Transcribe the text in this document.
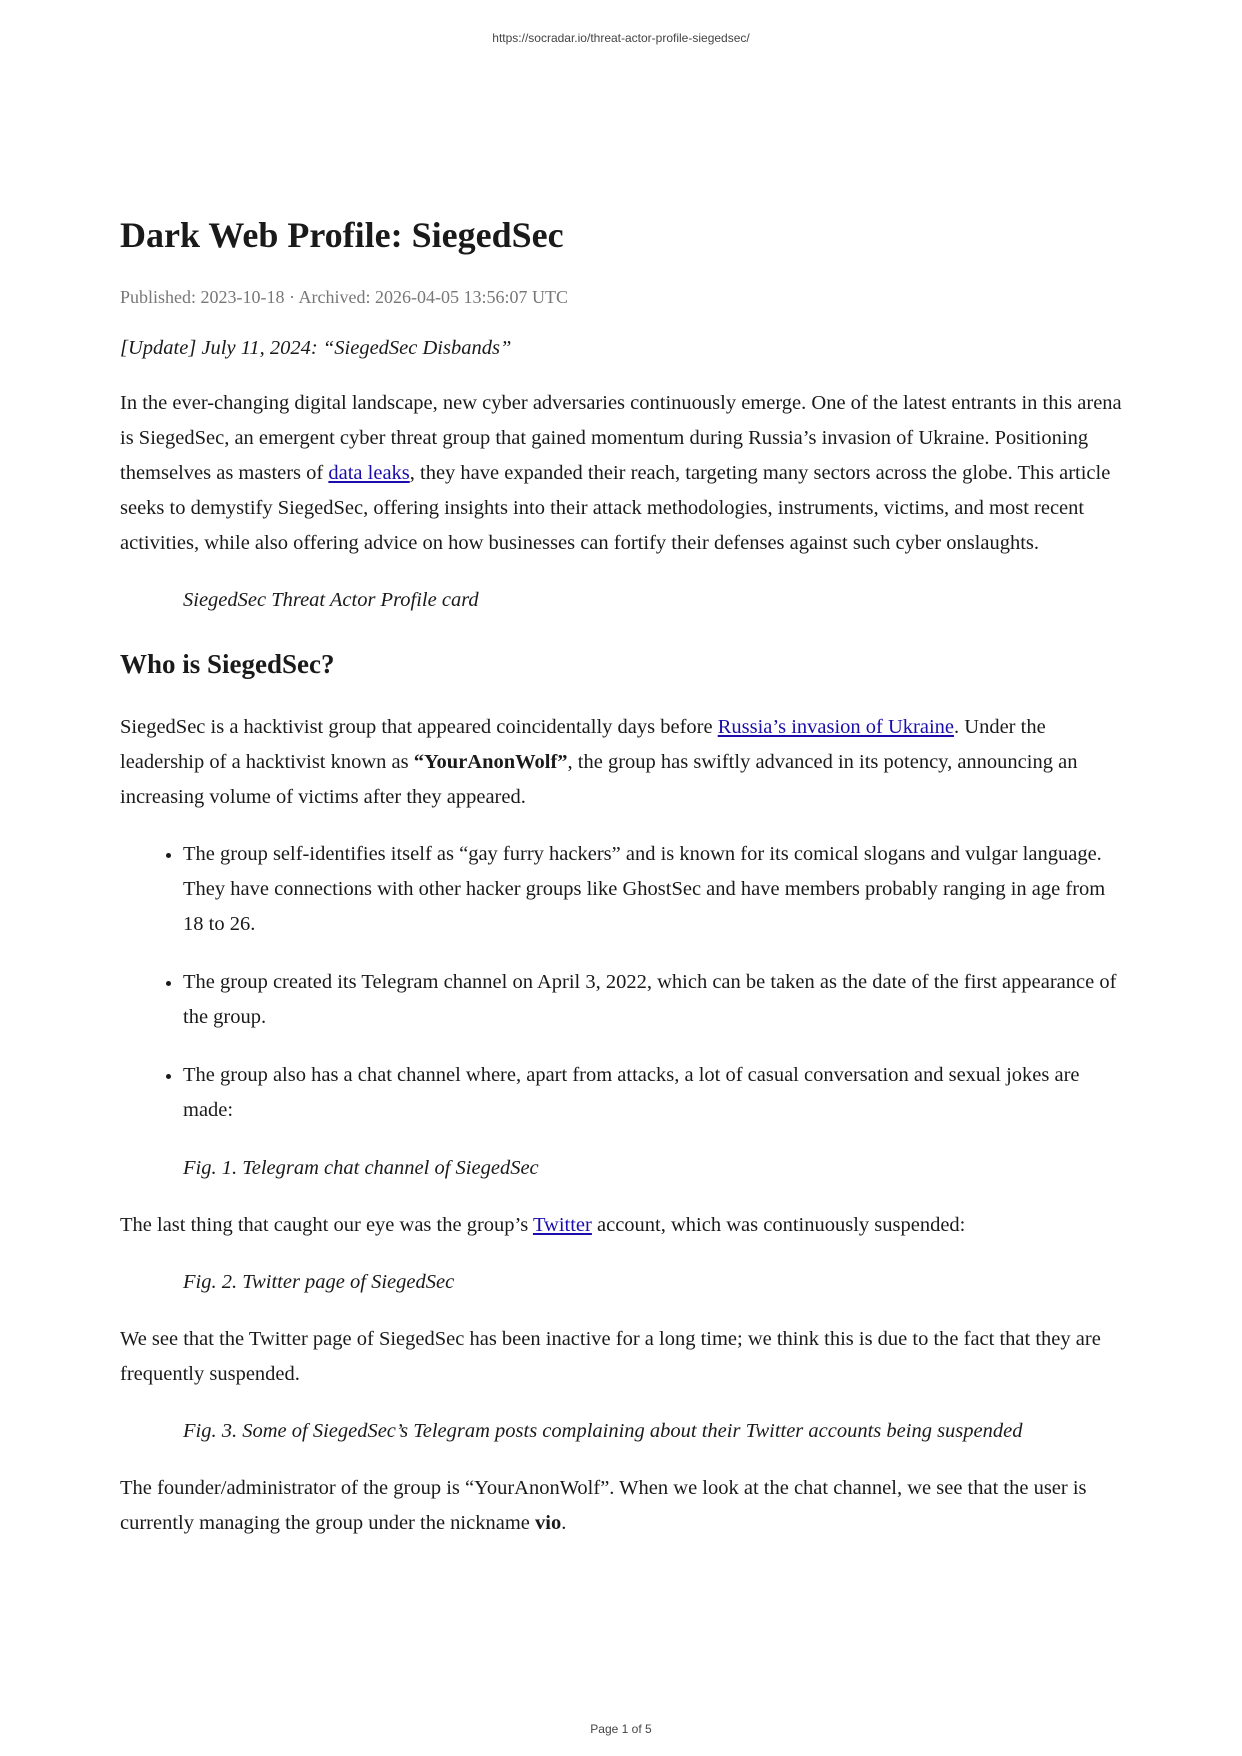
https://socradar.io/threat-actor-profile-siegedsec/
Dark Web Profile: SiegedSec
Published: 2023-10-18 · Archived: 2026-04-05 13:56:07 UTC

[Update] July 11, 2024: “SiegedSec Disbands”

In the ever-changing digital landscape, new cyber adversaries continuously emerge. One of the latest entrants in this arena is SiegedSec, an emergent cyber threat group that gained momentum during Russia’s invasion of Ukraine. Positioning themselves as masters of data leaks, they have expanded their reach, targeting many sectors across the globe. This article seeks to demystify SiegedSec, offering insights into their attack methodologies, instruments, victims, and most recent activities, while also offering advice on how businesses can fortify their defenses against such cyber onslaughts.

SiegedSec Threat Actor Profile card

Who is SiegedSec?

SiegedSec is a hacktivist group that appeared coincidentally days before Russia’s invasion of Ukraine. Under the leadership of a hacktivist known as “YourAnonWolf”, the group has swiftly advanced in its potency, announcing an increasing volume of victims after they appeared.

• The group self-identifies itself as “gay furry hackers” and is known for its comical slogans and vulgar language. They have connections with other hacker groups like GhostSec and have members probably ranging in age from 18 to 26.
• The group created its Telegram channel on April 3, 2022, which can be taken as the date of the first appearance of the group.
• The group also has a chat channel where, apart from attacks, a lot of casual conversation and sexual jokes are made:

Fig. 1. Telegram chat channel of SiegedSec

The last thing that caught our eye was the group’s Twitter account, which was continuously suspended:

Fig. 2. Twitter page of SiegedSec

We see that the Twitter page of SiegedSec has been inactive for a long time; we think this is due to the fact that they are frequently suspended.

Fig. 3. Some of SiegedSec’s Telegram posts complaining about their Twitter accounts being suspended

The founder/administrator of the group is “YourAnonWolf”. When we look at the chat channel, we see that the user is currently managing the group under the nickname vio.

Page 1 of 5
